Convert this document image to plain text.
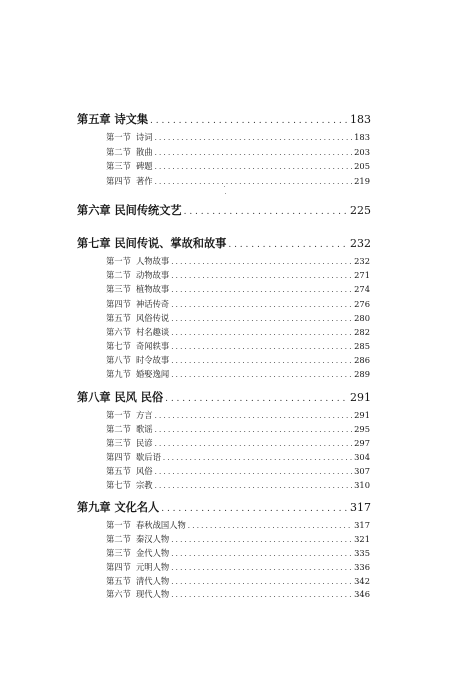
第五章 诗文集 . . .	183
第一节 诗词 . . .	183
第二节 散曲 . . .	203
第三节 碑题 . . .	205
第四节 著作 . . .	219
第六章 民间传统文艺 . . .	225
第七章 民间传说、掌故和故事 . . .	232
第一节 人物故事 . . .	232
第二节 动物故事 . . .	271
第三节 植物故事 . . .	274
第四节 神话传奇 . . .	276
第五节 风俗传说 . . .	280
第六节 村名趣谈 . . .	282
第七节 奇闻轶事 . . .	285
第八节 时令故事 . . .	286
第九节 婚娶逸闻 . . .	289
第八章 民风 民俗 . . .	291
第一节 方言 . . .	291
第二节 歌谣 . . .	295
第三节 民谚 . . .	297
第四节 歇后语 . . .	304
第五节 风俗 . . .	307
第七节 宗教 . . .	310
第九章 文化名人 . . .	317
第一节 春秋战国人物 . . .	317
第二节 秦汉人物 . . .	321
第三节 金代人物 . . .	335
第四节 元明人物 . . .	336
第五节 清代人物 . . .	342
第六节 现代人物 . . .	346
